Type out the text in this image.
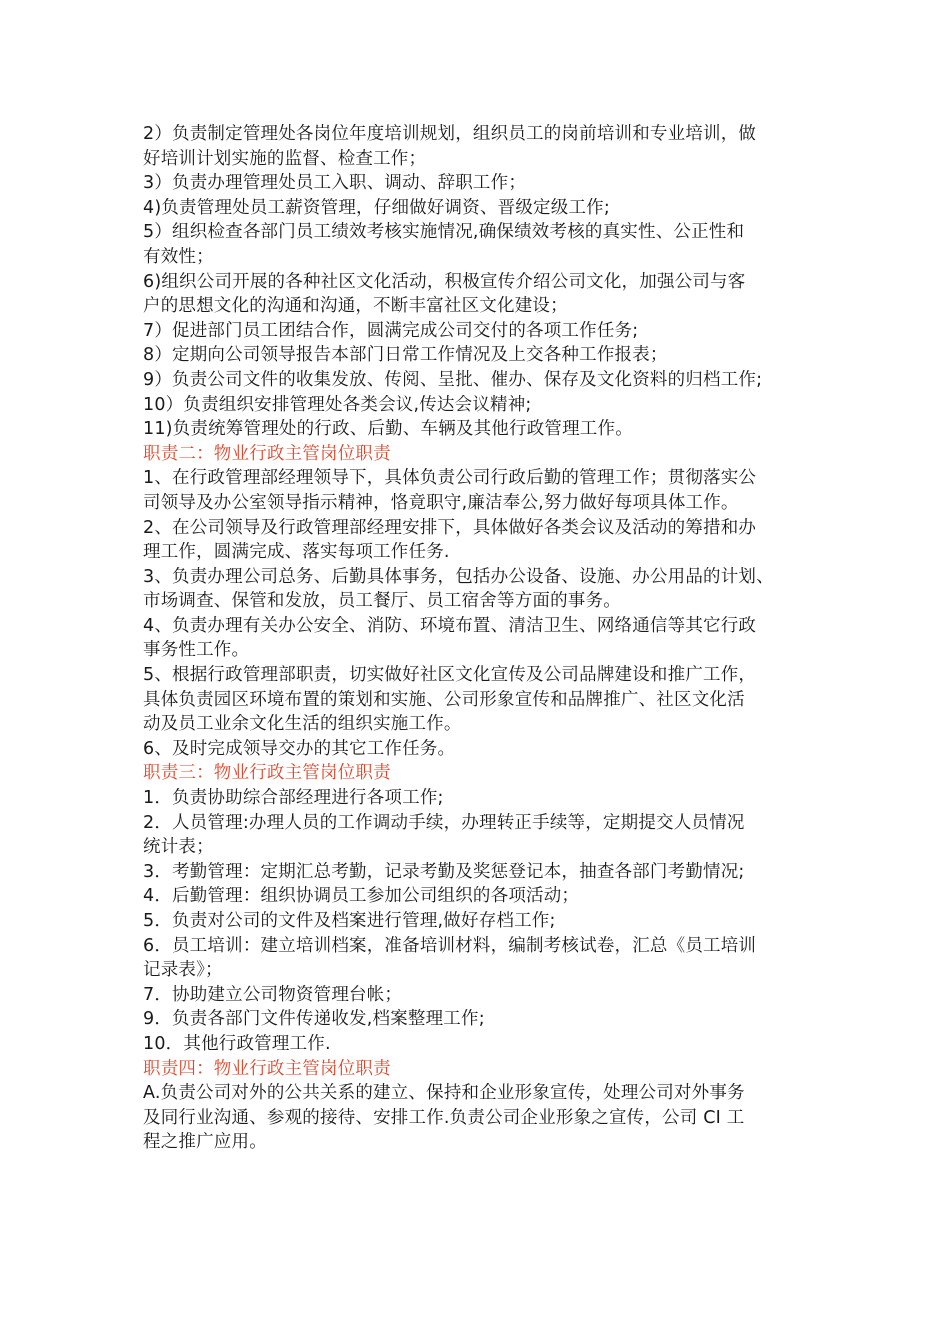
2）负责制定管理处各岗位年度培训规划，组织员工的岗前培训和专业培训，做
好培训计划实施的监督、检查工作；
3）负责办理管理处员工入职、调动、辞职工作；
4)负责管理处员工薪资管理，仔细做好调资、晋级定级工作;
5）组织检查各部门员工绩效考核实施情况,确保绩效考核的真实性、公正性和
有效性；
6)组织公司开展的各种社区文化活动，积极宣传介绍公司文化，加强公司与客
户的思想文化的沟通和沟通，不断丰富社区文化建设；
7）促进部门员工团结合作，圆满完成公司交付的各项工作任务;
8）定期向公司领导报告本部门日常工作情况及上交各种工作报表；
9）负责公司文件的收集发放、传阅、呈批、催办、保存及文化资料的归档工作;
10）负责组织安排管理处各类会议,传达会议精神;
11)负责统筹管理处的行政、后勤、车辆及其他行政管理工作。
职责二：物业行政主管岗位职责
1、在行政管理部经理领导下，具体负责公司行政后勤的管理工作；贯彻落实公
司领导及办公室领导指示精神，恪竟职守,廉洁奉公,努力做好每项具体工作。
2、在公司领导及行政管理部经理安排下，具体做好各类会议及活动的筹措和办
理工作，圆满完成、落实每项工作任务.
3、负责办理公司总务、后勤具体事务，包括办公设备、设施、办公用品的计划、
市场调查、保管和发放，员工餐厅、员工宿舍等方面的事务。
4、负责办理有关办公安全、消防、环境布置、清洁卫生、网络通信等其它行政
事务性工作。
5、根据行政管理部职责，切实做好社区文化宣传及公司品牌建设和推广工作，
具体负责园区环境布置的策划和实施、公司形象宣传和品牌推广、社区文化活
动及员工业余文化生活的组织实施工作。
6、及时完成领导交办的其它工作任务。
职责三：物业行政主管岗位职责
1．负责协助综合部经理进行各项工作;
2．人员管理:办理人员的工作调动手续，办理转正手续等，定期提交人员情况
统计表；
3．考勤管理：定期汇总考勤，记录考勤及奖惩登记本，抽查各部门考勤情况;
4．后勤管理：组织协调员工参加公司组织的各项活动；
5．负责对公司的文件及档案进行管理,做好存档工作;
6．员工培训：建立培训档案，准备培训材料，编制考核试卷，汇总《员工培训
记录表》；
7．协助建立公司物资管理台帐；
9．负责各部门文件传递收发,档案整理工作;
10．其他行政管理工作.
职责四：物业行政主管岗位职责
A.负责公司对外的公共关系的建立、保持和企业形象宣传，处理公司对外事务
及同行业沟通、参观的接待、安排工作.负责公司企业形象之宣传，公司 CI 工
程之推广应用。
